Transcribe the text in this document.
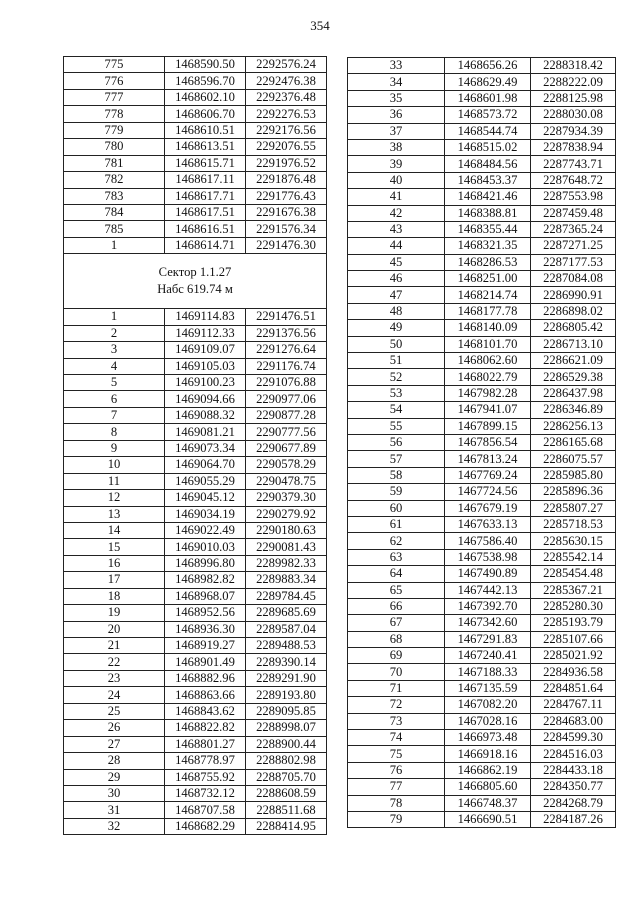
354
775	1468590.50	2292576.24
776	1468596.70	2292476.38
777	1468602.10	2292376.48
778	1468606.70	2292276.53
779	1468610.51	2292176.56
780	1468613.51	2292076.55
781	1468615.71	2291976.52
782	1468617.11	2291876.48
783	1468617.71	2291776.43
784	1468617.51	2291676.38
785	1468616.51	2291576.34
1	1468614.71	2291476.30

Сектор 1.1.27
Набс 619.74 м		

1	1469114.83	2291476.51
2	1469112.33	2291376.56
3	1469109.07	2291276.64
4	1469105.03	2291176.74
5	1469100.23	2291076.88
6	1469094.66	2290977.06
7	1469088.32	2290877.28
8	1469081.21	2290777.56
9	1469073.34	2290677.89
10	1469064.70	2290578.29
11	1469055.29	2290478.75
12	1469045.12	2290379.30
13	1469034.19	2290279.92
14	1469022.49	2290180.63
15	1469010.03	2290081.43
16	1468996.80	2289982.33
17	1468982.82	2289883.34
18	1468968.07	2289784.45
19	1468952.56	2289685.69
20	1468936.30	2289587.04
21	1468919.27	2289488.53
22	1468901.49	2289390.14
23	1468882.96	2289291.90
24	1468863.66	2289193.80
25	1468843.62	2289095.85
26	1468822.82	2288998.07
27	1468801.27	2288900.44
28	1468778.97	2288802.98
29	1468755.92	2288705.70
30	1468732.12	2288608.59
31	1468707.58	2288511.68
32	1468682.29	2288414.95
33	1468656.26	2288318.42
34	1468629.49	2288222.09
35	1468601.98	2288125.98
36	1468573.72	2288030.08
37	1468544.74	2287934.39
38	1468515.02	2287838.94
39	1468484.56	2287743.71
40	1468453.37	2287648.72
41	1468421.46	2287553.98
42	1468388.81	2287459.48
43	1468355.44	2287365.24
44	1468321.35	2287271.25
45	1468286.53	2287177.53
46	1468251.00	2287084.08
47	1468214.74	2286990.91
48	1468177.78	2286898.02
49	1468140.09	2286805.42
50	1468101.70	2286713.10
51	1468062.60	2286621.09
52	1468022.79	2286529.38
53	1467982.28	2286437.98
54	1467941.07	2286346.89
55	1467899.15	2286256.13
56	1467856.54	2286165.68
57	1467813.24	2286075.57
58	1467769.24	2285985.80
59	1467724.56	2285896.36
60	1467679.19	2285807.27
61	1467633.13	2285718.53
62	1467586.40	2285630.15
63	1467538.98	2285542.14
64	1467490.89	2285454.48
65	1467442.13	2285367.21
66	1467392.70	2285280.30
67	1467342.60	2285193.79
68	1467291.83	2285107.66
69	1467240.41	2285021.92
70	1467188.33	2284936.58
71	1467135.59	2284851.64
72	1467082.20	2284767.11
73	1467028.16	2284683.00
74	1466973.48	2284599.30
75	1466918.16	2284516.03
76	1466862.19	2284433.18
77	1466805.60	2284350.77
78	1466748.37	2284268.79
79	1466690.51	2284187.26
